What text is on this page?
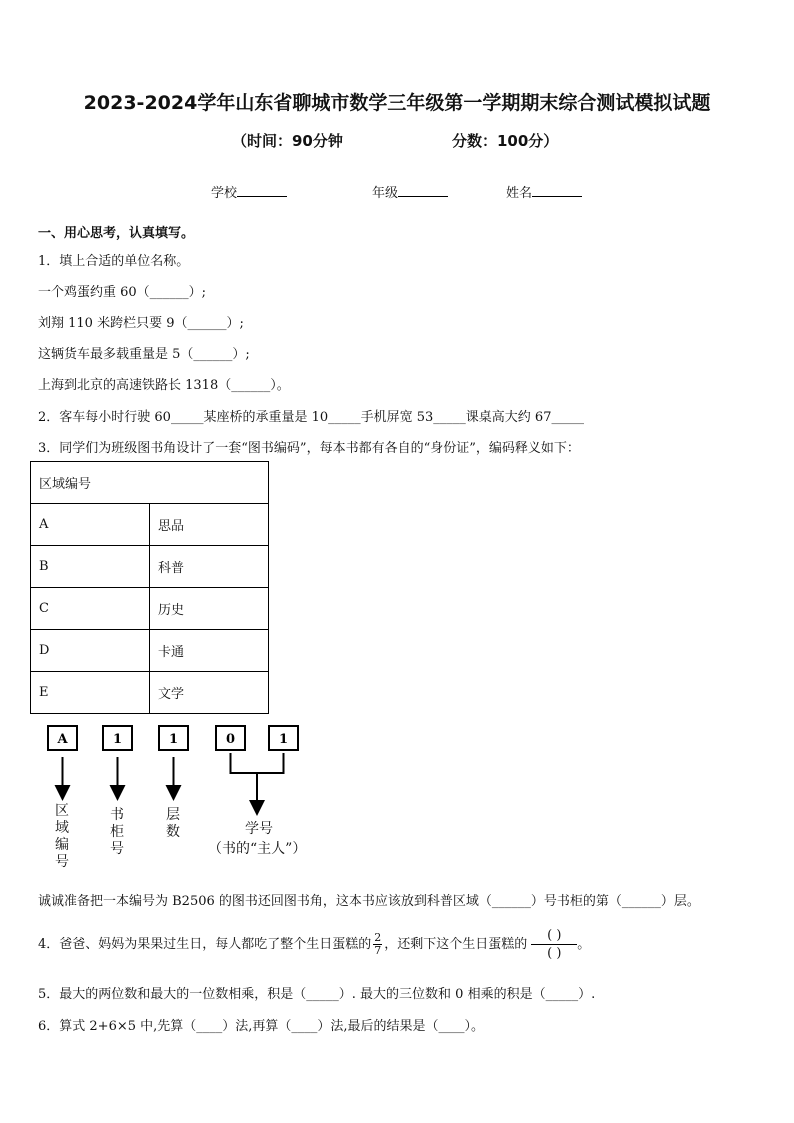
2023-2024学年山东省聊城市数学三年级第一学期期末综合测试模拟试题
（时间：90分钟	分数：100分）
学校	年级	姓名
一、用心思考，认真填写。
1．填上合适的单位名称。
一个鸡蛋约重 60（______）;
刘翔 110 米跨栏只要 9（______）;
这辆货车最多载重量是 5（______）;
上海到北京的高速铁路长 1318（______）。
2．客车每小时行驶 60_____某座桥的承重量是 10_____手机屏宽 53_____课桌高大约 67_____
3．同学们为班级图书角设计了一套“图书编码”，每本书都有各自的“身份证”，编码释义如下：
区域编号	
A	思品
B	科普
C	历史
D	卡通
E	文学
A	1	1	0	1
区域编号
书柜号
层数	学号
（书的“主人”）
诚诚准备把一本编号为 B2506 的图书还回图书角，这本书应该放到科普区域（______）号书柜的第（______）层。
4．爸爸、妈妈为果果过生日，每人都吃了整个生日蛋糕的 $\frac{2}{7}$ ，还剩下这个生日蛋糕的
( )
( )
。
5．最大的两位数和最大的一位数相乘，积是（_____）. 最大的三位数和 0 相乘的积是（_____）.
6．算式 2+6×5 中,先算（____）法,再算（____）法,最后的结果是（____）。
